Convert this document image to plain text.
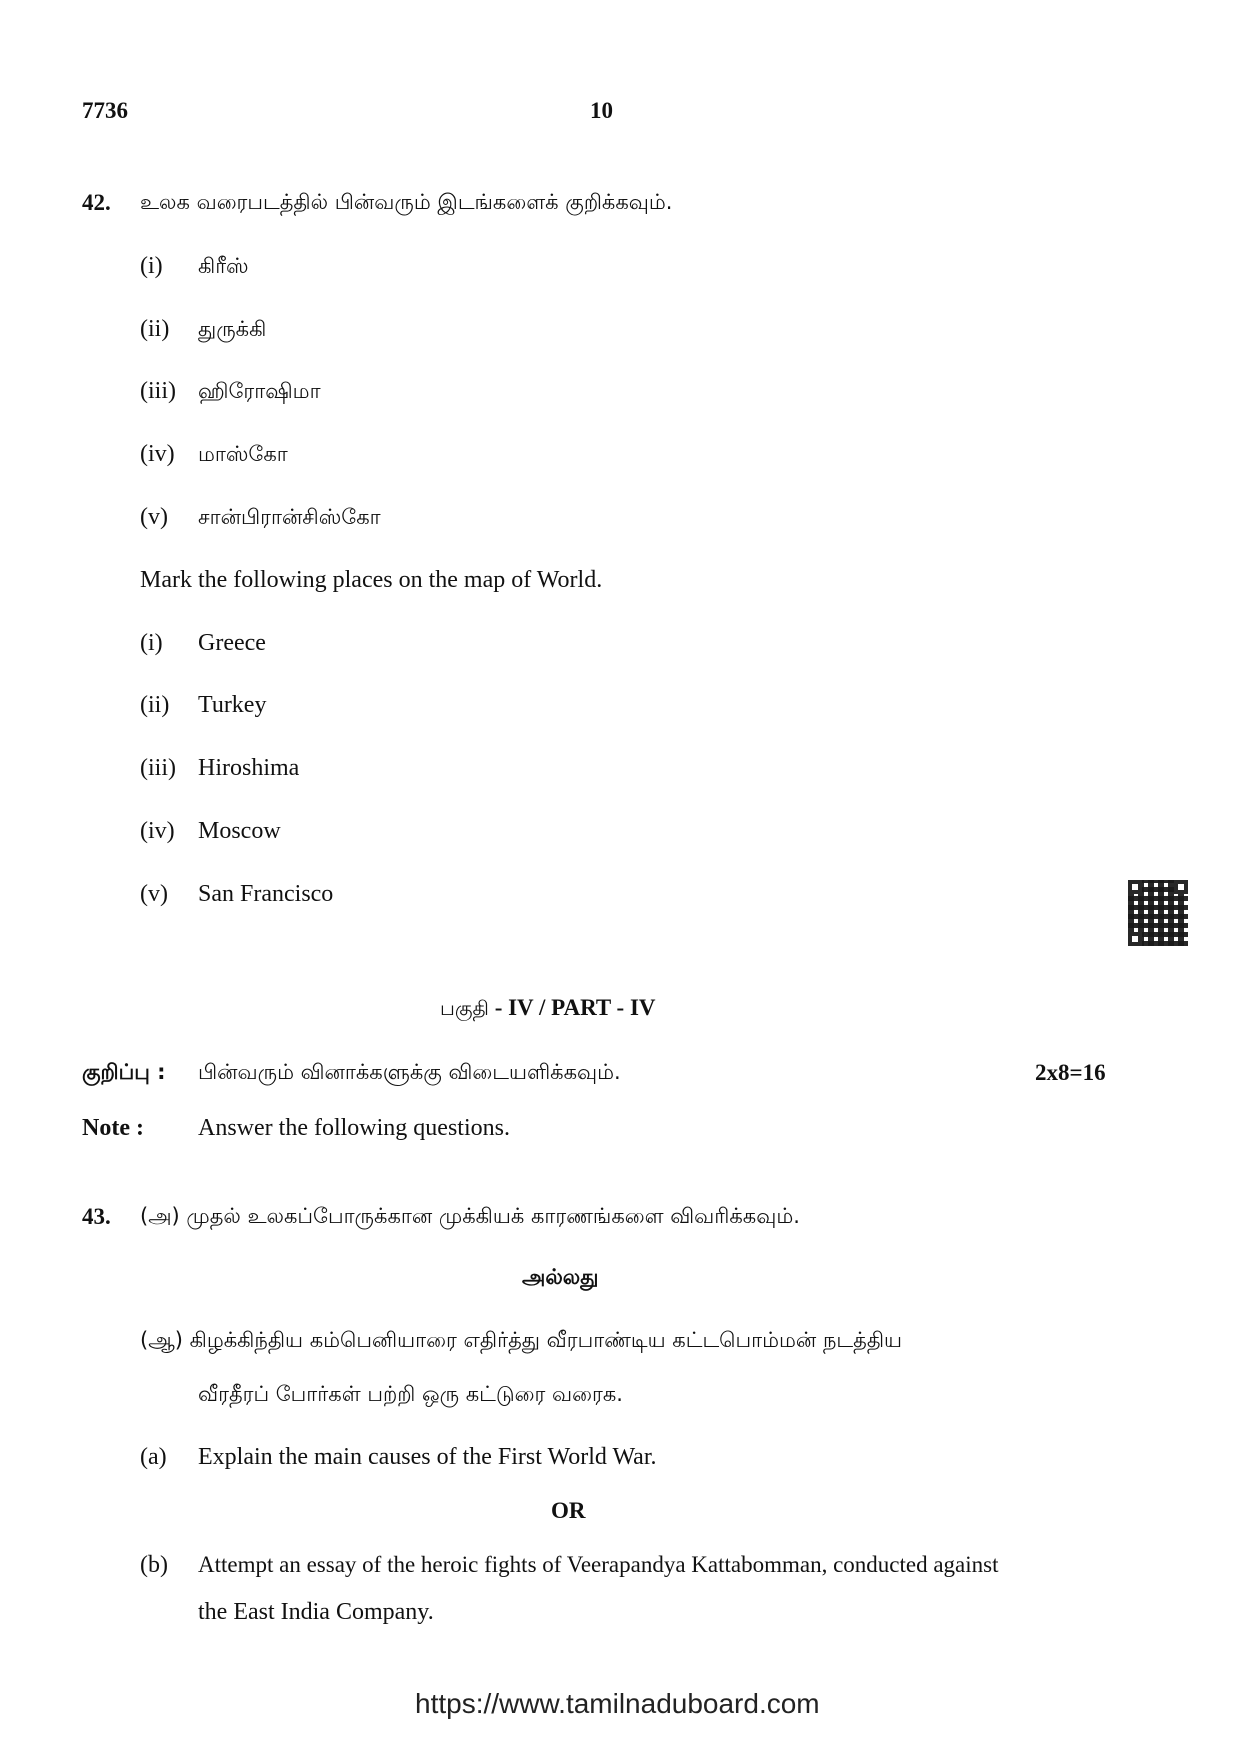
7736	10
42. உலக வரைபடத்தில் பின்வரும் இடங்களைக் குறிக்கவும்.
(i) கிரீஸ்
(ii) துருக்கி
(iii) ஹிரோஷிமா
(iv) மாஸ்கோ
(v) சான்பிரான்சிஸ்கோ
Mark the following places on the map of World.
(i) Greece
(ii) Turkey
(iii) Hiroshima
(iv) Moscow
(v) San Francisco
பகுதி - IV / PART - IV
குறிப்பு : பின்வரும் வினாக்களுக்கு விடையளிக்கவும்.	2x8=16
Note : Answer the following questions.
43. (அ) முதல் உலகப்போருக்கான முக்கியக் காரணங்களை விவரிக்கவும்.
அல்லது
(ஆ) கிழக்கிந்திய கம்பெனியாரை எதிர்த்து வீரபாண்டிய கட்டபொம்மன் நடத்திய
வீரதீரப் போர்கள் பற்றி ஒரு கட்டுரை வரைக.
(a) Explain the main causes of the First World War.
OR
(b) Attempt an essay of the heroic fights of Veerapandya Kattabomman, conducted against
the East India Company.
https://www.tamilnaduboard.com
